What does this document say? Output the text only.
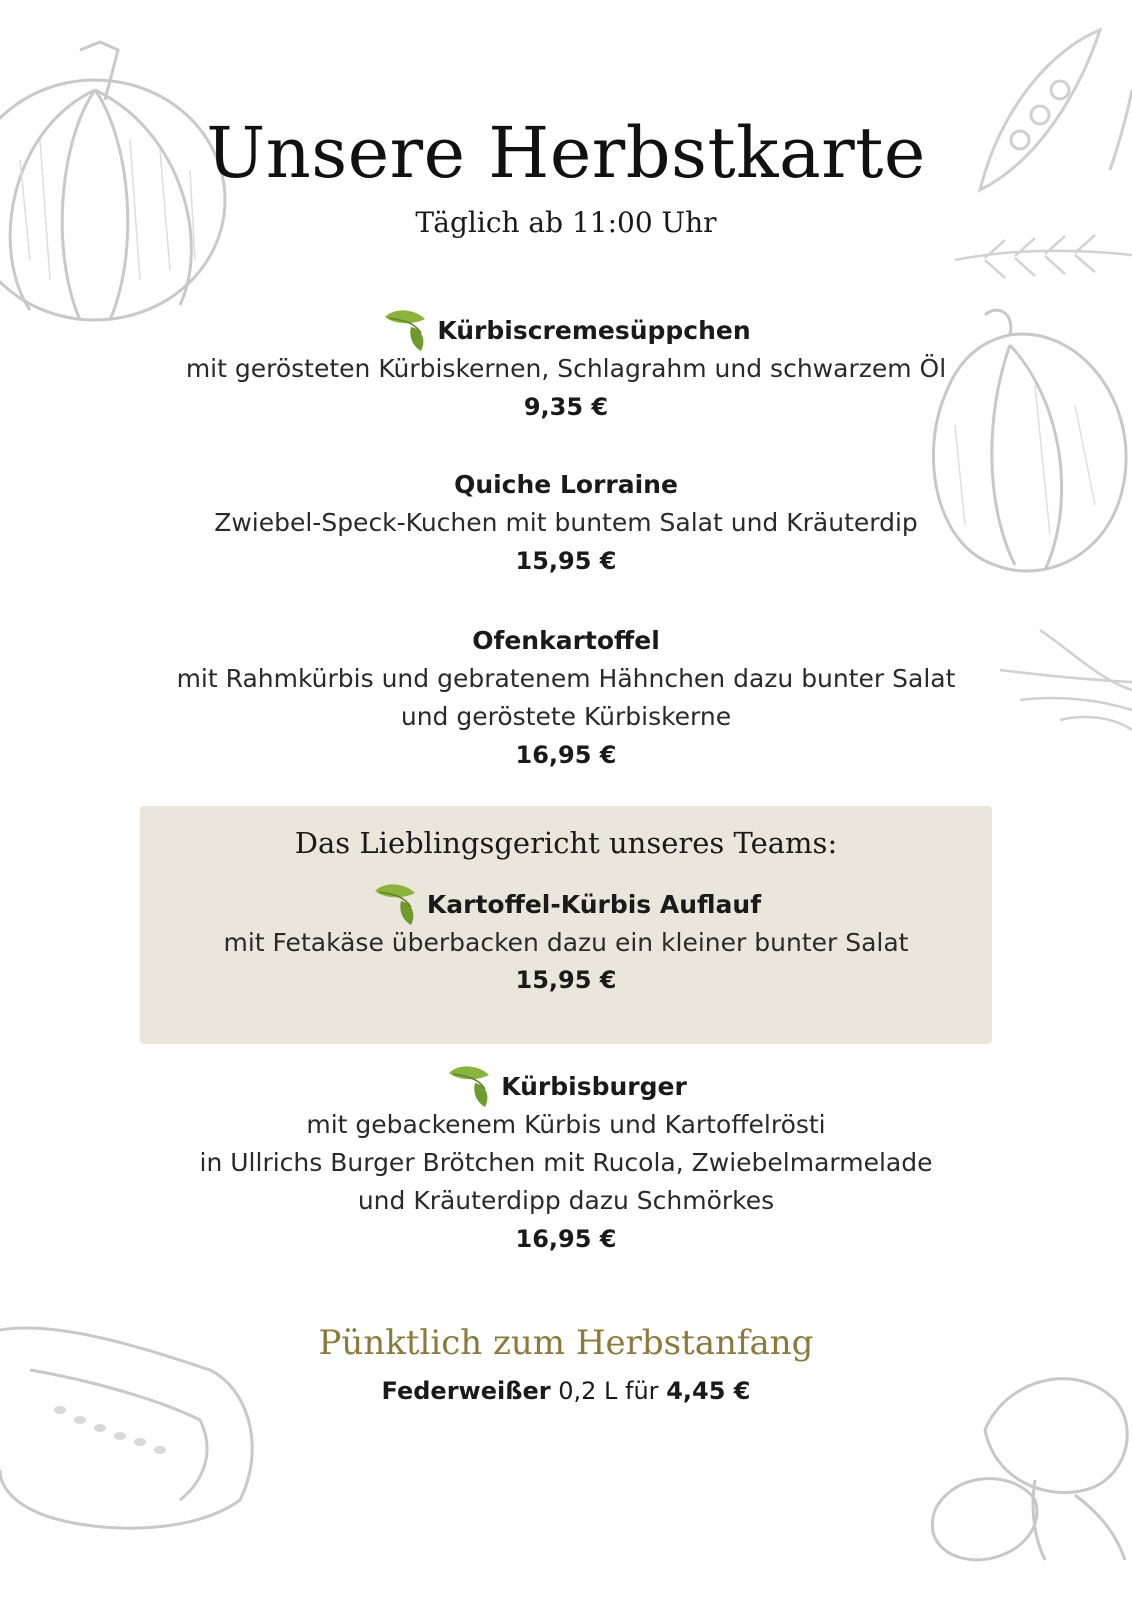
Unsere Herbstkarte
Täglich ab 11:00 Uhr
Kürbiscremesüppchen
mit gerösteten Kürbiskernen, Schlagrahm und schwarzem Öl
9,35 €
Quiche Lorraine
Zwiebel-Speck-Kuchen mit buntem Salat und Kräuterdip
15,95 €
Ofenkartoffel
mit Rahmkürbis und gebratenem Hähnchen dazu bunter Salat
und geröstete Kürbiskerne
16,95 €
Das Lieblingsgericht unseres Teams:
Kartoffel-Kürbis Auflauf
mit Fetakäse überbacken dazu ein kleiner bunter Salat
15,95 €
Kürbisburger
mit gebackenem Kürbis und Kartoffelrösti
in Ullrichs Burger Brötchen mit Rucola, Zwiebelmarmelade
und Kräuterdipp dazu Schmörkes
16,95 €
Pünktlich zum Herbstanfang
Federweißer 0,2 L für 4,45 €
